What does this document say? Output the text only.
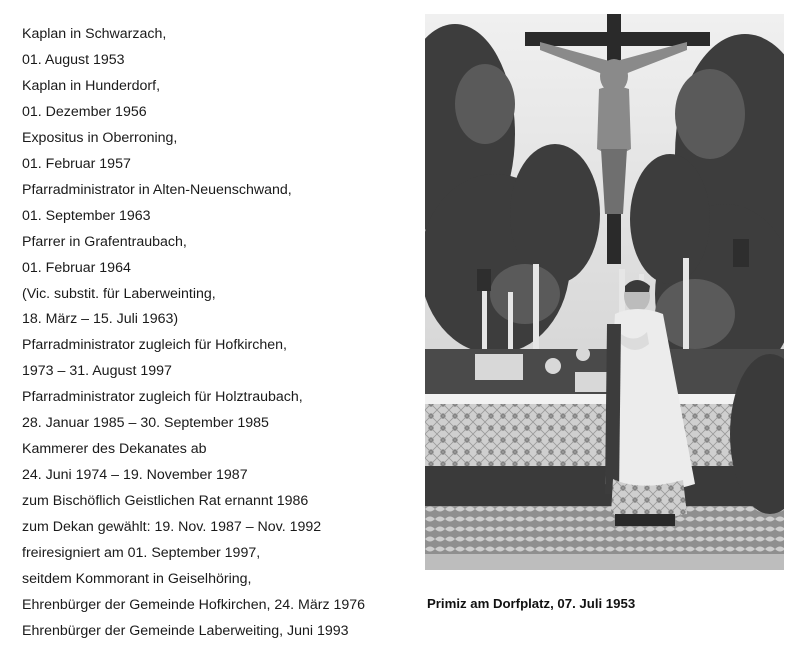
Kaplan in Schwarzach,
01. August 1953
Kaplan in Hunderdorf,
01. Dezember 1956
Expositus in Oberroning,
01. Februar 1957
Pfarradministrator in Alten-Neuenschwand,
01. September 1963
Pfarrer in Grafentraubach,
01. Februar 1964
(Vic. substit. für Laberweinting,
18. März – 15. Juli 1963)
Pfarradministrator zugleich für Hofkirchen,
1973 – 31. August 1997
Pfarradministrator zugleich für Holztraubach,
28. Januar 1985 – 30. September 1985
Kammerer des Dekanates ab
24. Juni 1974 – 19. November 1987
zum Bischöflich Geistlichen Rat ernannt 1986
zum Dekan gewählt: 19. Nov. 1987 – Nov. 1992
freiresigniert am 01. September 1997,
seitdem Kommorant in Geiselhöring,
Ehrenbürger der Gemeinde Hofkirchen, 24. März 1976
Ehrenbürger der Gemeinde Laberweiting, Juni 1993
Primiz am Dorfplatz, 07. Juli 1953
